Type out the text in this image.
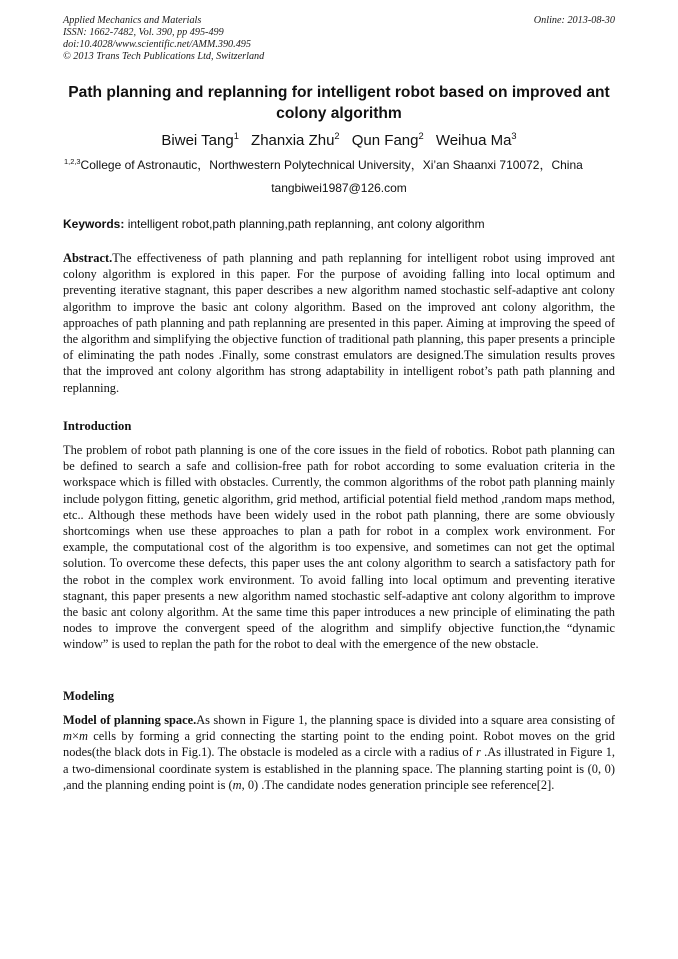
Applied Mechanics and Materials
ISSN: 1662-7482, Vol. 390, pp 495-499
doi:10.4028/www.scientific.net/AMM.390.495
© 2013 Trans Tech Publications Ltd, Switzerland
Online: 2013-08-30
Path planning and replanning for intelligent robot based on improved ant colony algorithm
Biwei Tang$^1$ Zhanxia Zhu$^2$ Qun Fang$^2$ Weihua Ma$^3$
$^{1,2,3}$College of Astronautic，Northwestern Polytechnical University，Xi’an Shaanxi 710072，China
tangbiwei1987@126.com
Keywords: intelligent robot,path planning,path replanning, ant colony algorithm
Abstract.The effectiveness of path planning and path replanning for intelligent robot using improved ant colony algorithm is explored in this paper. For the purpose of avoiding falling into local optimum and preventing iterative stagnant, this paper describes a new algorithm named stochastic self-adaptive ant colony algorithm to improve the basic ant colony algorithm. Based on the improved ant colony algorithm, the approaches of path planning and path replanning are presented in this paper. Aiming at improving the speed of the algorithm and simplifying the objective function of traditional path planning, this paper presents a principle of eliminating the path nodes .Finally, some constrast emulators are designed.The simulation results proves that the improved ant colony algorithm has strong adaptability in intelligent robot’s path path planning and replanning.
Introduction
The problem of robot path planning is one of the core issues in the field of robotics. Robot path planning can be defined to search a safe and collision-free path for robot according to some evaluation criteria in the workspace which is filled with obstacles. Currently, the common algorithms of the robot path planning mainly include polygon fitting, genetic algorithm, grid method, artificial potential field method ,random maps method, etc.. Although these methods have been widely used in the robot path planning, there are some obviously shortcomings when use these approaches to plan a path for robot in a complex work environment. For example, the computational cost of the algorithm is too expensive, and sometimes can not get the optimal solution. To overcome these defects, this paper uses the ant colony algorithm to search a satisfactory path for the robot in the complex work environment. To avoid falling into local optimum and preventing iterative stagnant, this paper presents a new algorithm named stochastic self-adaptive ant colony algorithm to improve the basic ant colony algorithm. At the same time this paper introduces a new principle of eliminating the path nodes to improve the convergent speed of the alogrithm and simplify objective function,the “dynamic window” is used to replan the path for the robot to deal with the emergence of the new obstacle.
Modeling
Model of planning space.As shown in Figure 1, the planning space is divided into a square area consisting of m×m cells by forming a grid connecting the starting point to the ending point. Robot moves on the grid nodes(the black dots in Fig.1). The obstacle is modeled as a circle with a radius of r .As illustrated in Figure 1, a two-dimensional coordinate system is established in the planning space. The planning starting point is (0, 0) ,and the planning ending point is (m, 0) .The candidate nodes generation principle see reference[2].
